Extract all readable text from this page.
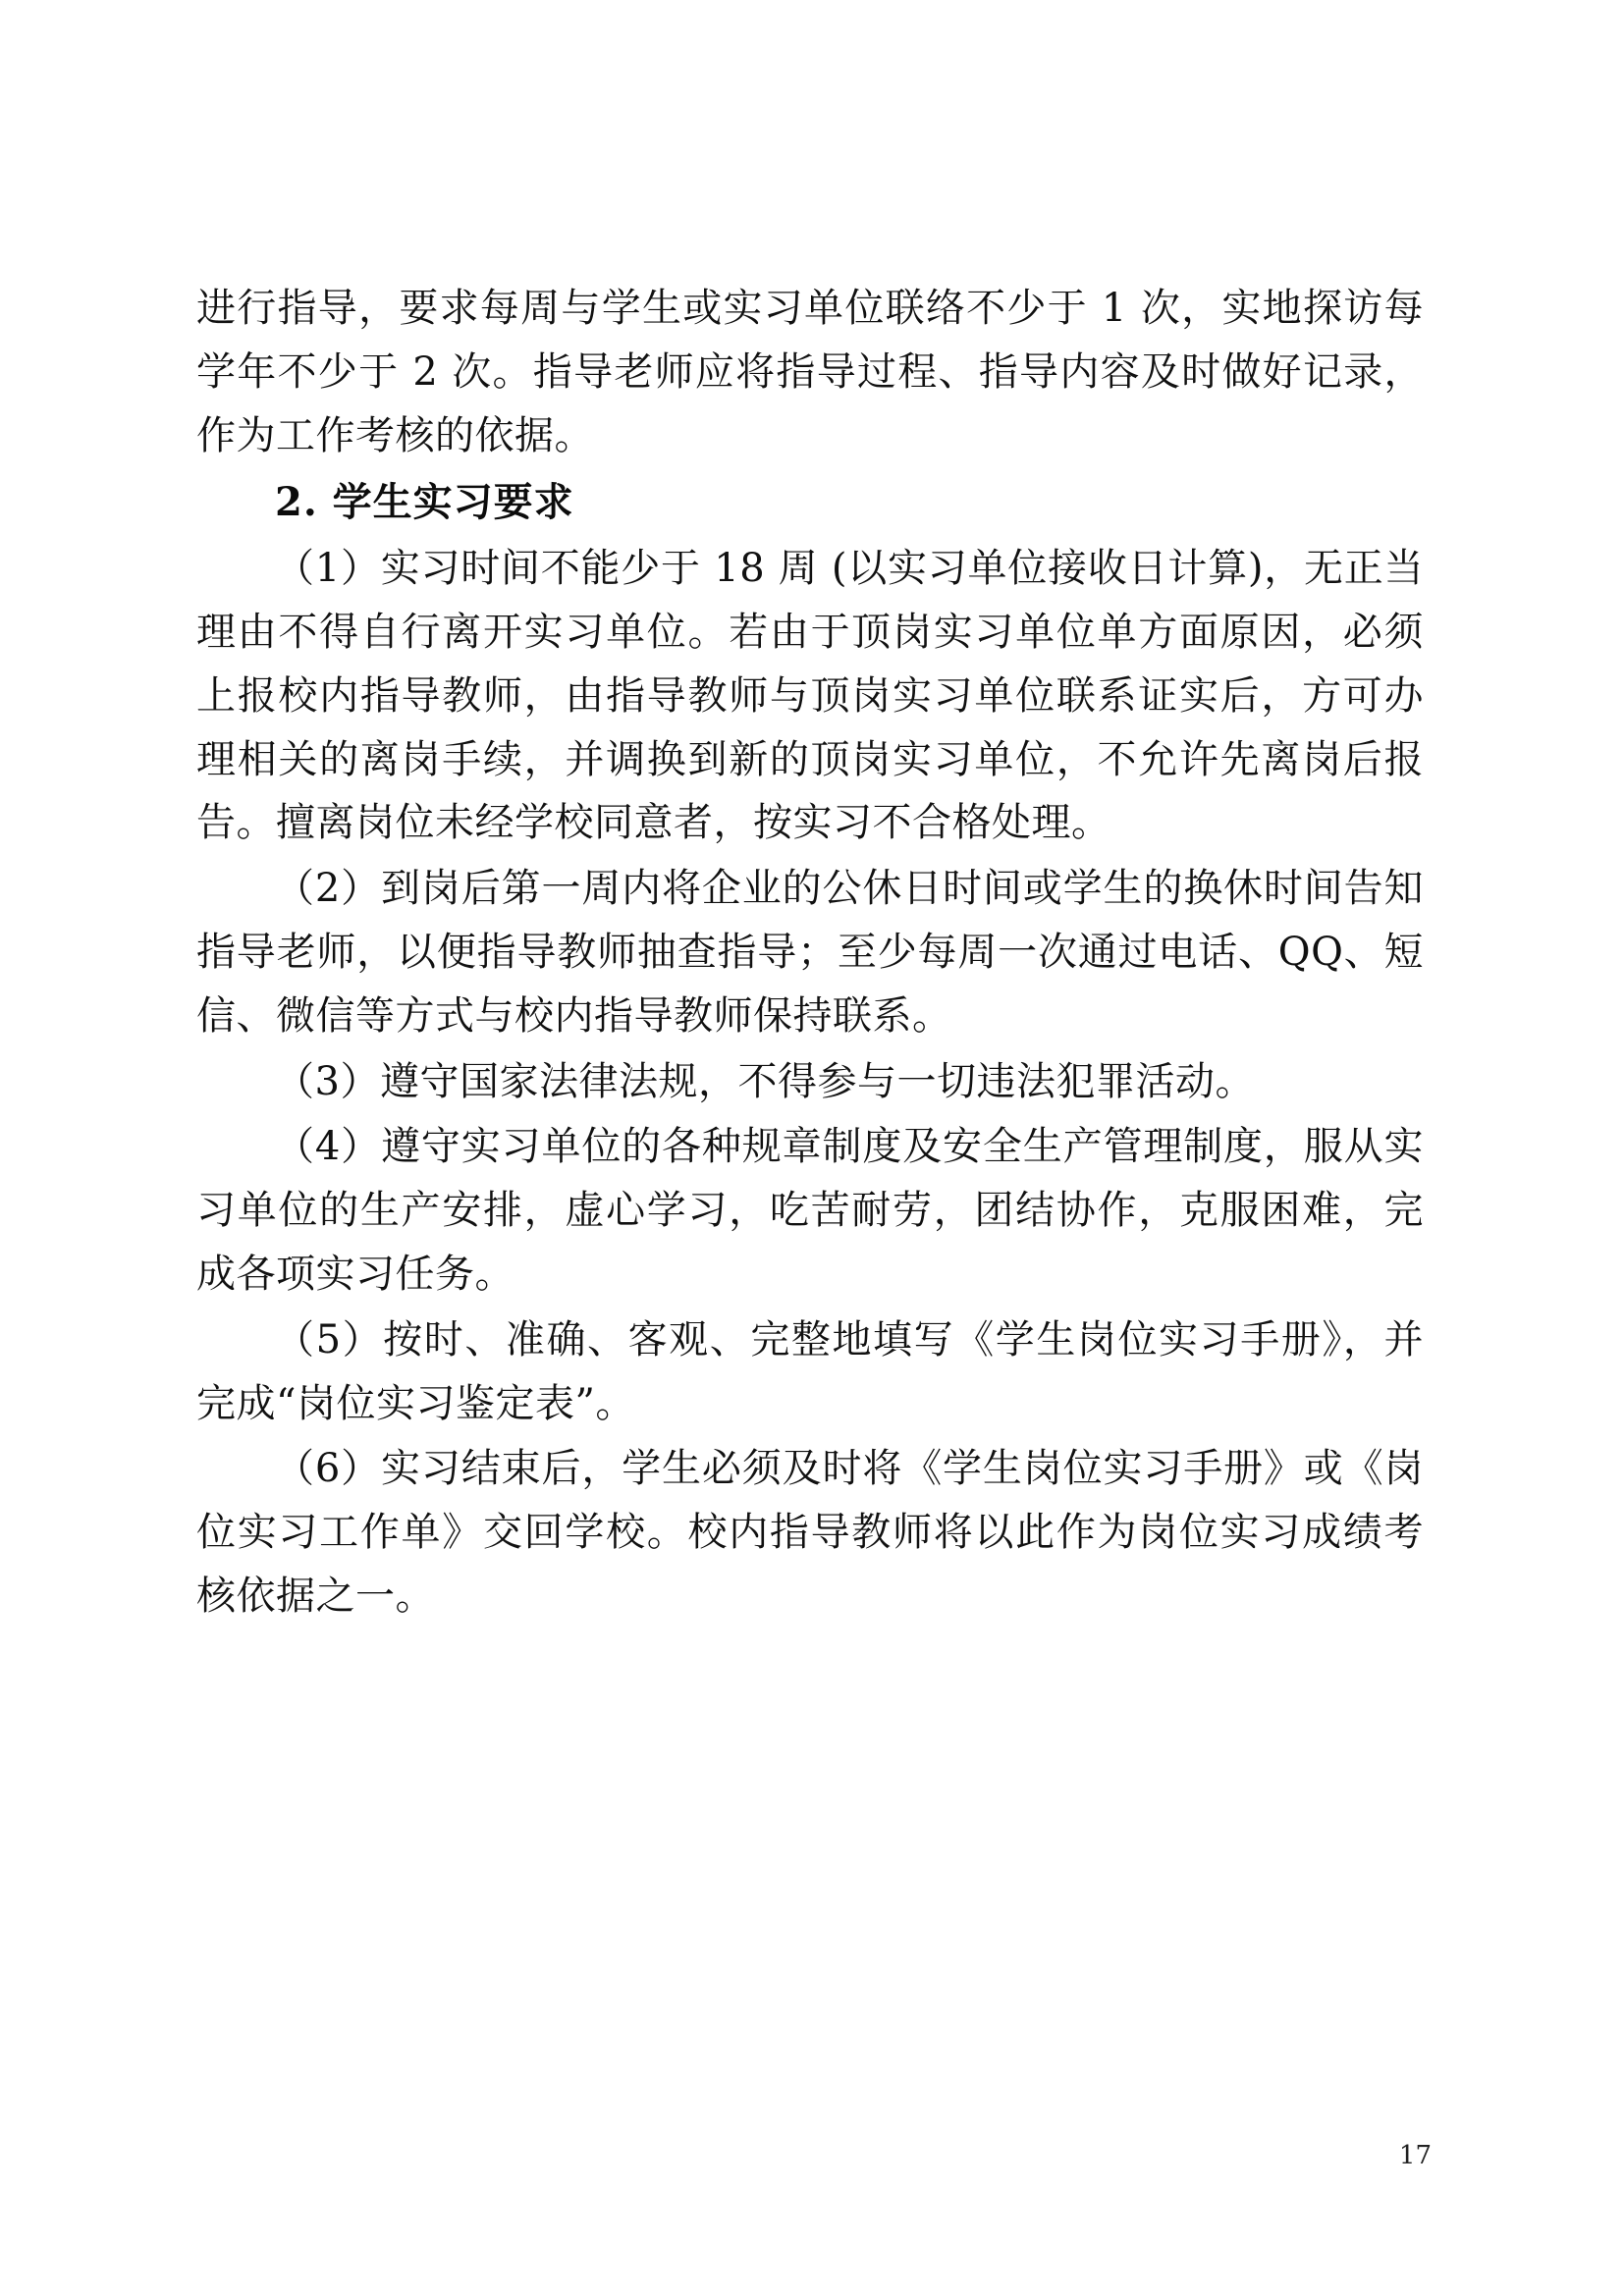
进行指导，要求每周与学生或实习单位联络不少于 1 次，实地探访每学年不少于 2 次。指导老师应将指导过程、指导内容及时做好记录，作为工作考核的依据。

2. 学生实习要求

（1）实习时间不能少于 18 周 (以实习单位接收日计算)，无正当理由不得自行离开实习单位。若由于顶岗实习单位单方面原因，必须上报校内指导教师，由指导教师与顶岗实习单位联系证实后，方可办理相关的离岗手续，并调换到新的顶岗实习单位，不允许先离岗后报告。擅离岗位未经学校同意者，按实习不合格处理。

（2）到岗后第一周内将企业的公休日时间或学生的换休时间告知指导老师，以便指导教师抽查指导；至少每周一次通过电话、QQ、短信、微信等方式与校内指导教师保持联系。

（3）遵守国家法律法规，不得参与一切违法犯罪活动。

（4）遵守实习单位的各种规章制度及安全生产管理制度，服从实习单位的生产安排，虚心学习，吃苦耐劳，团结协作，克服困难，完成各项实习任务。

（5）按时、准确、客观、完整地填写《学生岗位实习手册》，并完成“岗位实习鉴定表”。

（6）实习结束后，学生必须及时将《学生岗位实习手册》或《岗位实习工作单》交回学校。校内指导教师将以此作为岗位实习成绩考核依据之一。

17
